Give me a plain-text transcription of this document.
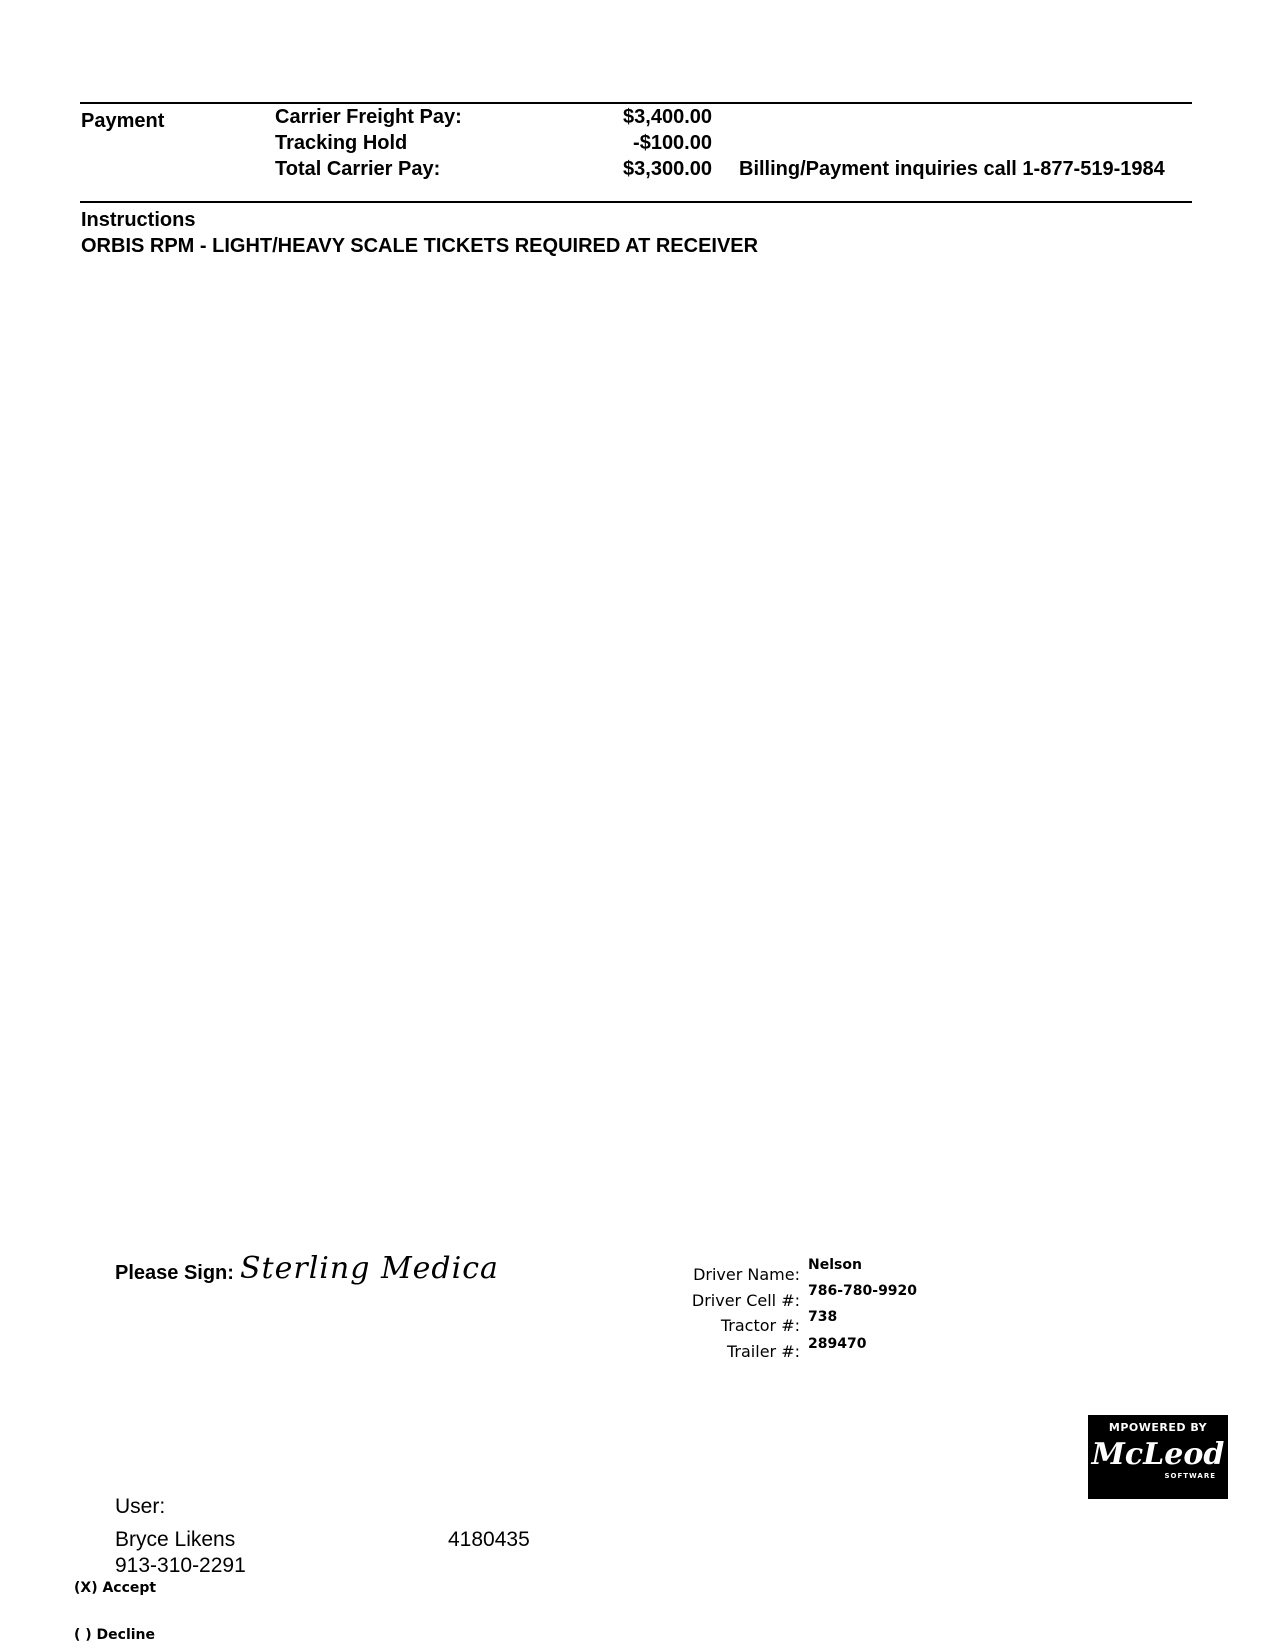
Payment	Carrier Freight Pay:	$3,400.00
Tracking Hold	-$100.00
Total Carrier Pay:	$3,300.00 Billing/Payment inquiries call 1-877-519-1984
Instructions
ORBIS RPM - LIGHT/HEAVY SCALE TICKETS REQUIRED AT RECEIVER
Please Sign: Sterling Medica	Driver Name: Nelson
Driver Cell #: 786-780-9920
Tractor #: 738
Trailer #: 289470
MPOWERED BY
McLeod
SOFTWARE
User:
Bryce Likens	4180435
913-310-2291
(X) Accept
( ) Decline
